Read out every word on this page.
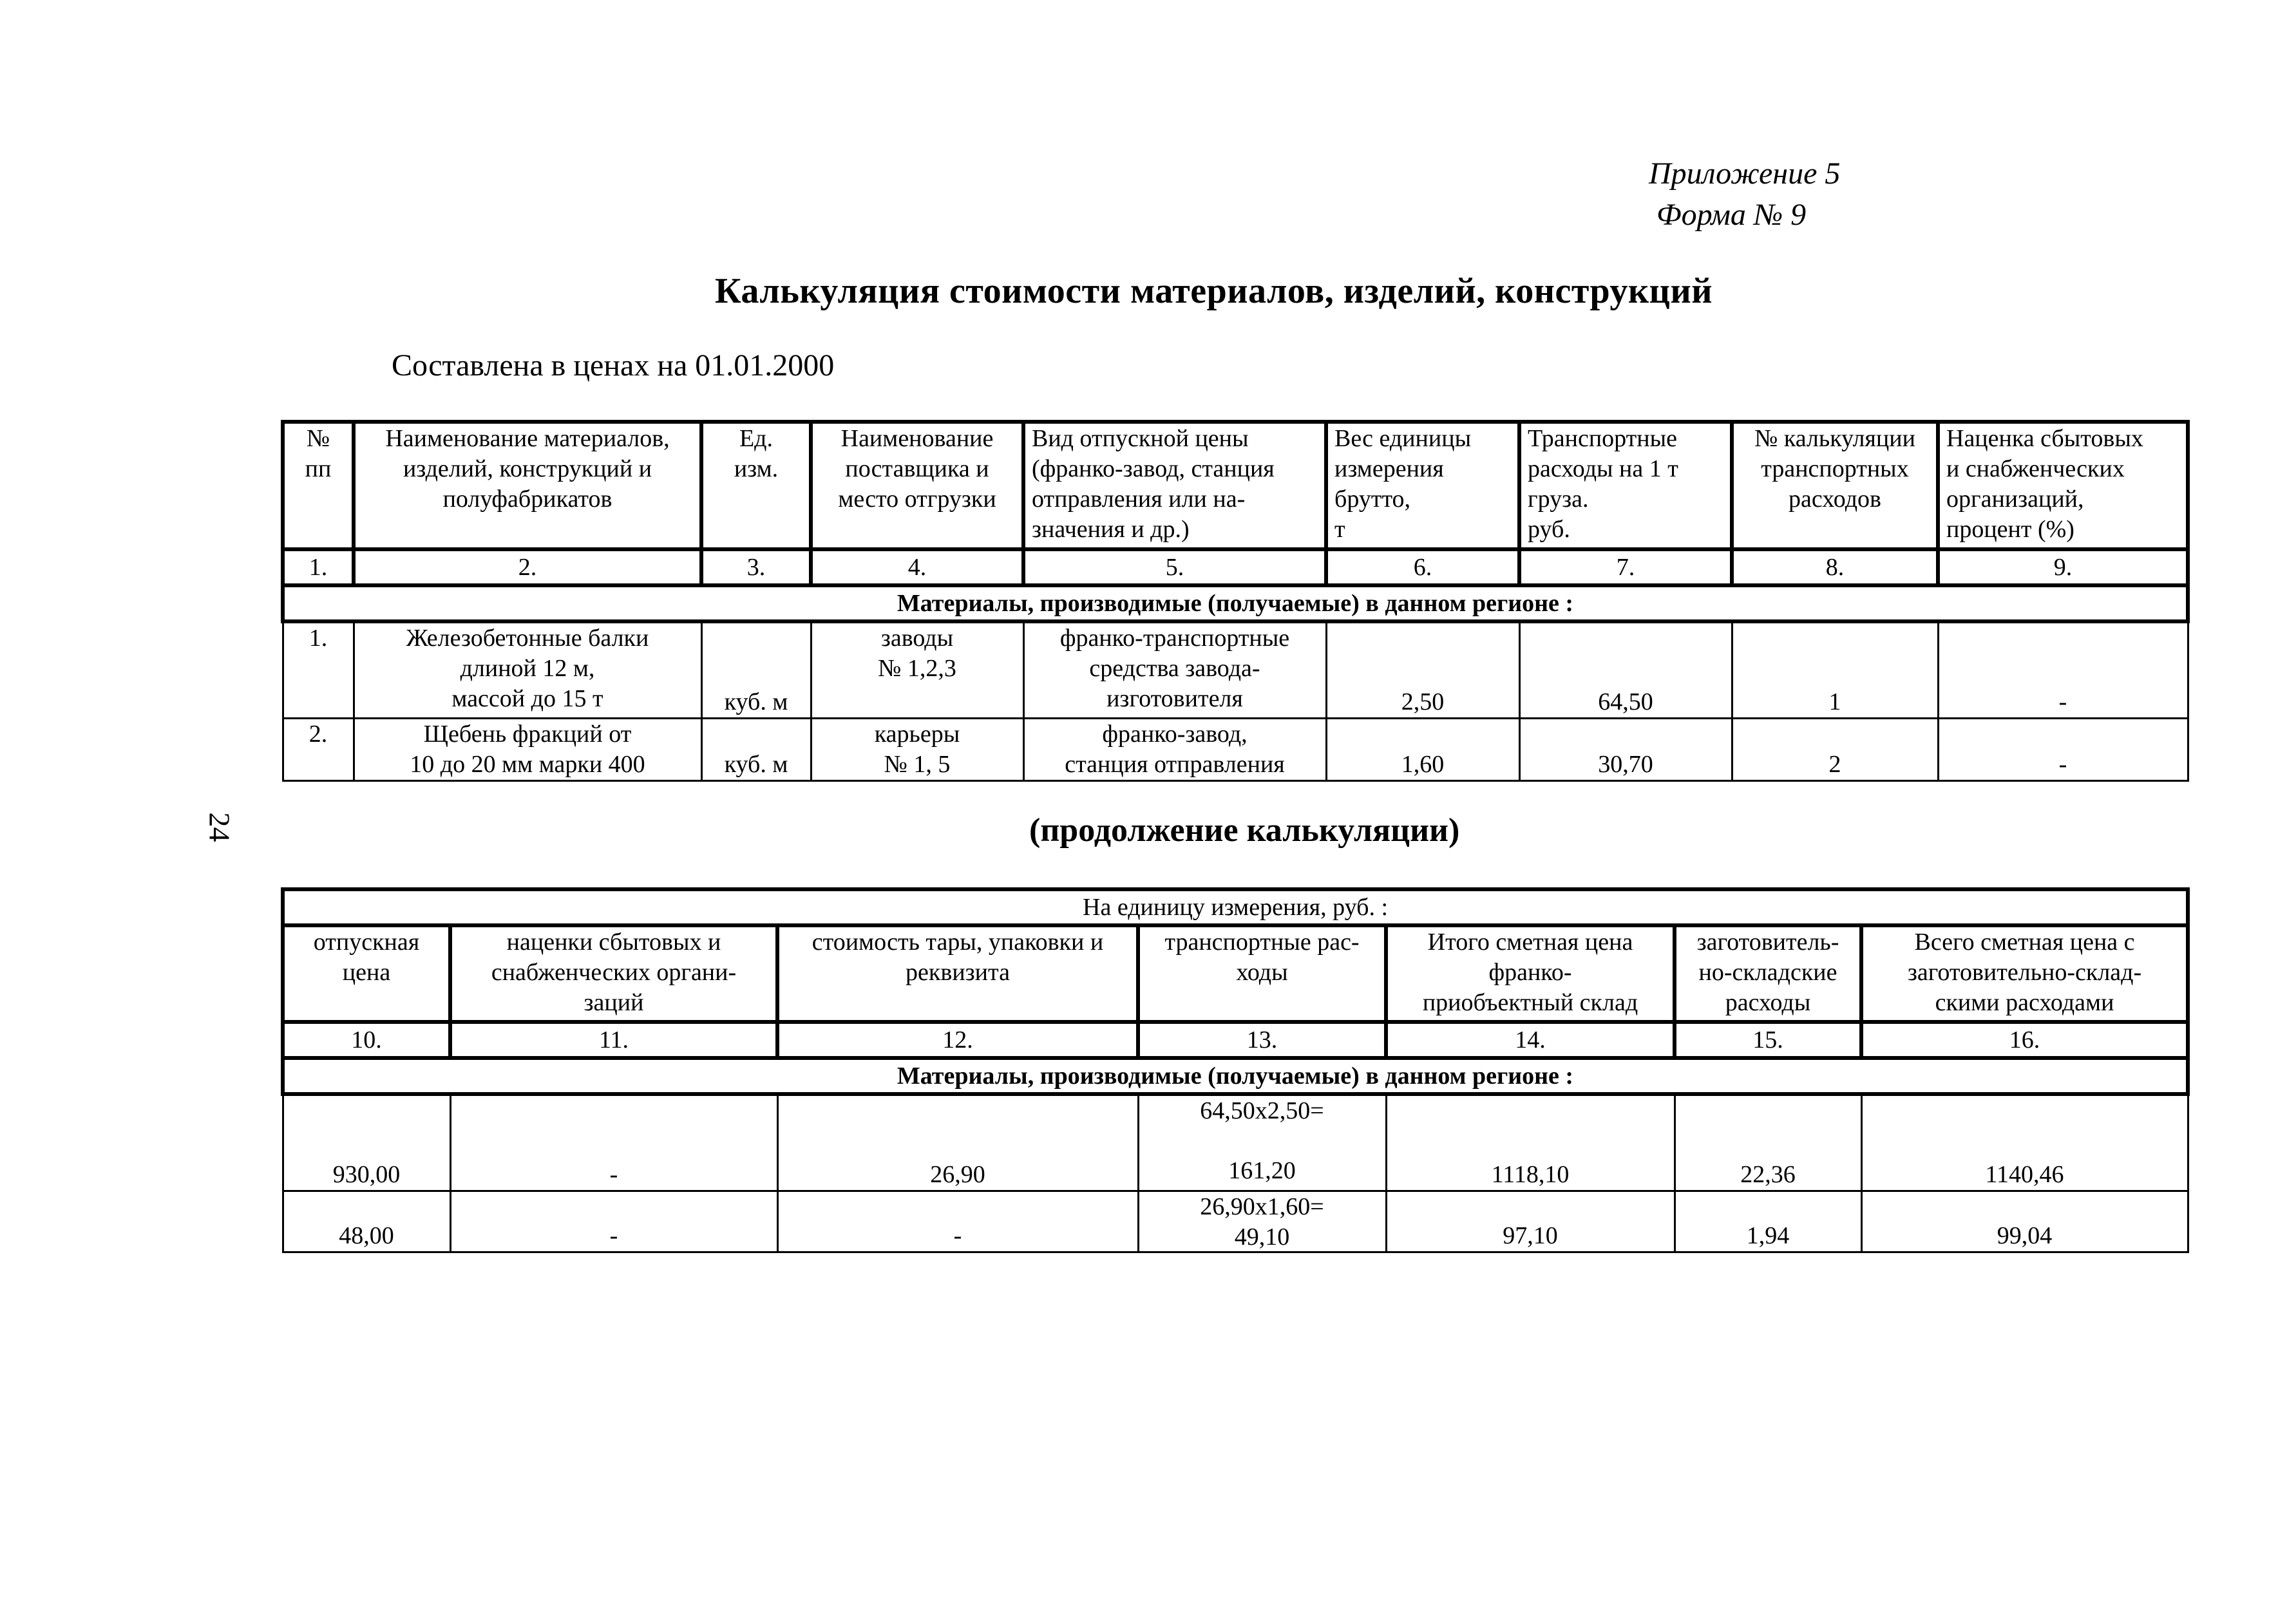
Приложение 5
Форма № 9
Калькуляция стоимости материалов, изделий, конструкций
Составлена в ценах на 01.01.2000
24
№
пп	Наименование материалов,
изделий, конструкций и
полуфабрикатов	Ед.
изм.	Наименование
поставщика и
место отгрузки	Вид отпускной цены
(франко-завод, станция
отправления или на-
значения и др.)	Вес единицы
измерения
брутто,
т	Транспортные
расходы на 1 т
груза.
руб.	№ калькуляции
транспортных
расходов	Наценка сбытовых
и снабженческих
организаций,
процент (%)
1.	2.	3.	4.	5.	6.	7.	8.	9.
Материалы, производимые (получаемые) в данном регионе :								
1.	Железобетонные балки
длиной 12 м,
массой до 15 т	куб. м	заводы
№ 1,2,3	франко-транспортные
средства завода-
изготовителя	2,50	64,50	1	-
2.	Щебень фракций от
10 до 20 мм марки 400	куб. м	карьеры
№ 1, 5	франко-завод,
станция отправления	1,60	30,70	2	-
(продолжение калькуляции)
На единицу измерения, руб. :						
отпускная
цена	наценки сбытовых и
снабженческих органи-
заций	стоимость тары, упаковки и
реквизита	транспортные рас-
ходы	Итого сметная цена
франко-
приобъектный склад	заготовитель-
но-складские
расходы	Всего сметная цена с
заготовительно-склад-
скими расходами
10.	11.	12.	13.	14.	15.	16.
Материалы, производимые (получаемые) в данном регионе :						
930,00	-	26,90	64,50x2,50=
161,20	1118,10	22,36	1140,46
48,00	-	-	26,90x1,60=
49,10	97,10	1,94	99,04
